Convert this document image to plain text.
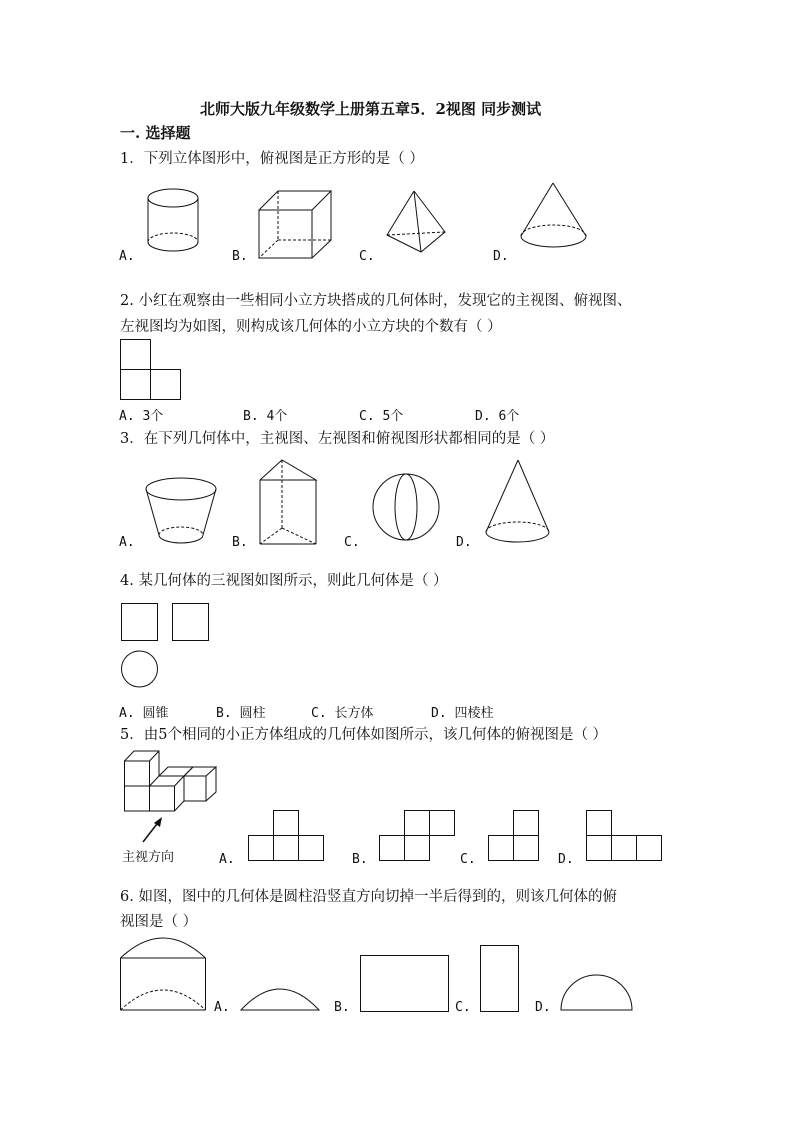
北师大版九年级数学上册第五章5．2视图 同步测试
一. 选择题
1．下列立体图形中，俯视图是正方形的是（ ）
A.	B.	C.	D.
2. 小红在观察由一些相同小立方块搭成的几何体时，发现它的主视图、俯视图、
左视图均为如图，则构成该几何体的小立方块的个数有（ ）
A. 3个	B. 4个	C. 5个	D. 6个
3．在下列几何体中，主视图、左视图和俯视图形状都相同的是（ ）
A.	B.	C.	D.
4. 某几何体的三视图如图所示，则此几何体是（ ）
A. 圆锥	B. 圆柱	C. 长方体	D. 四棱柱
5．由5个相同的小正方体组成的几何体如图所示，该几何体的俯视图是（ ）
主视方向	A.	B.	C.	D.
6. 如图，图中的几何体是圆柱沿竖直方向切掉一半后得到的，则该几何体的俯
视图是（ ）
A.	B.	C.	D.
